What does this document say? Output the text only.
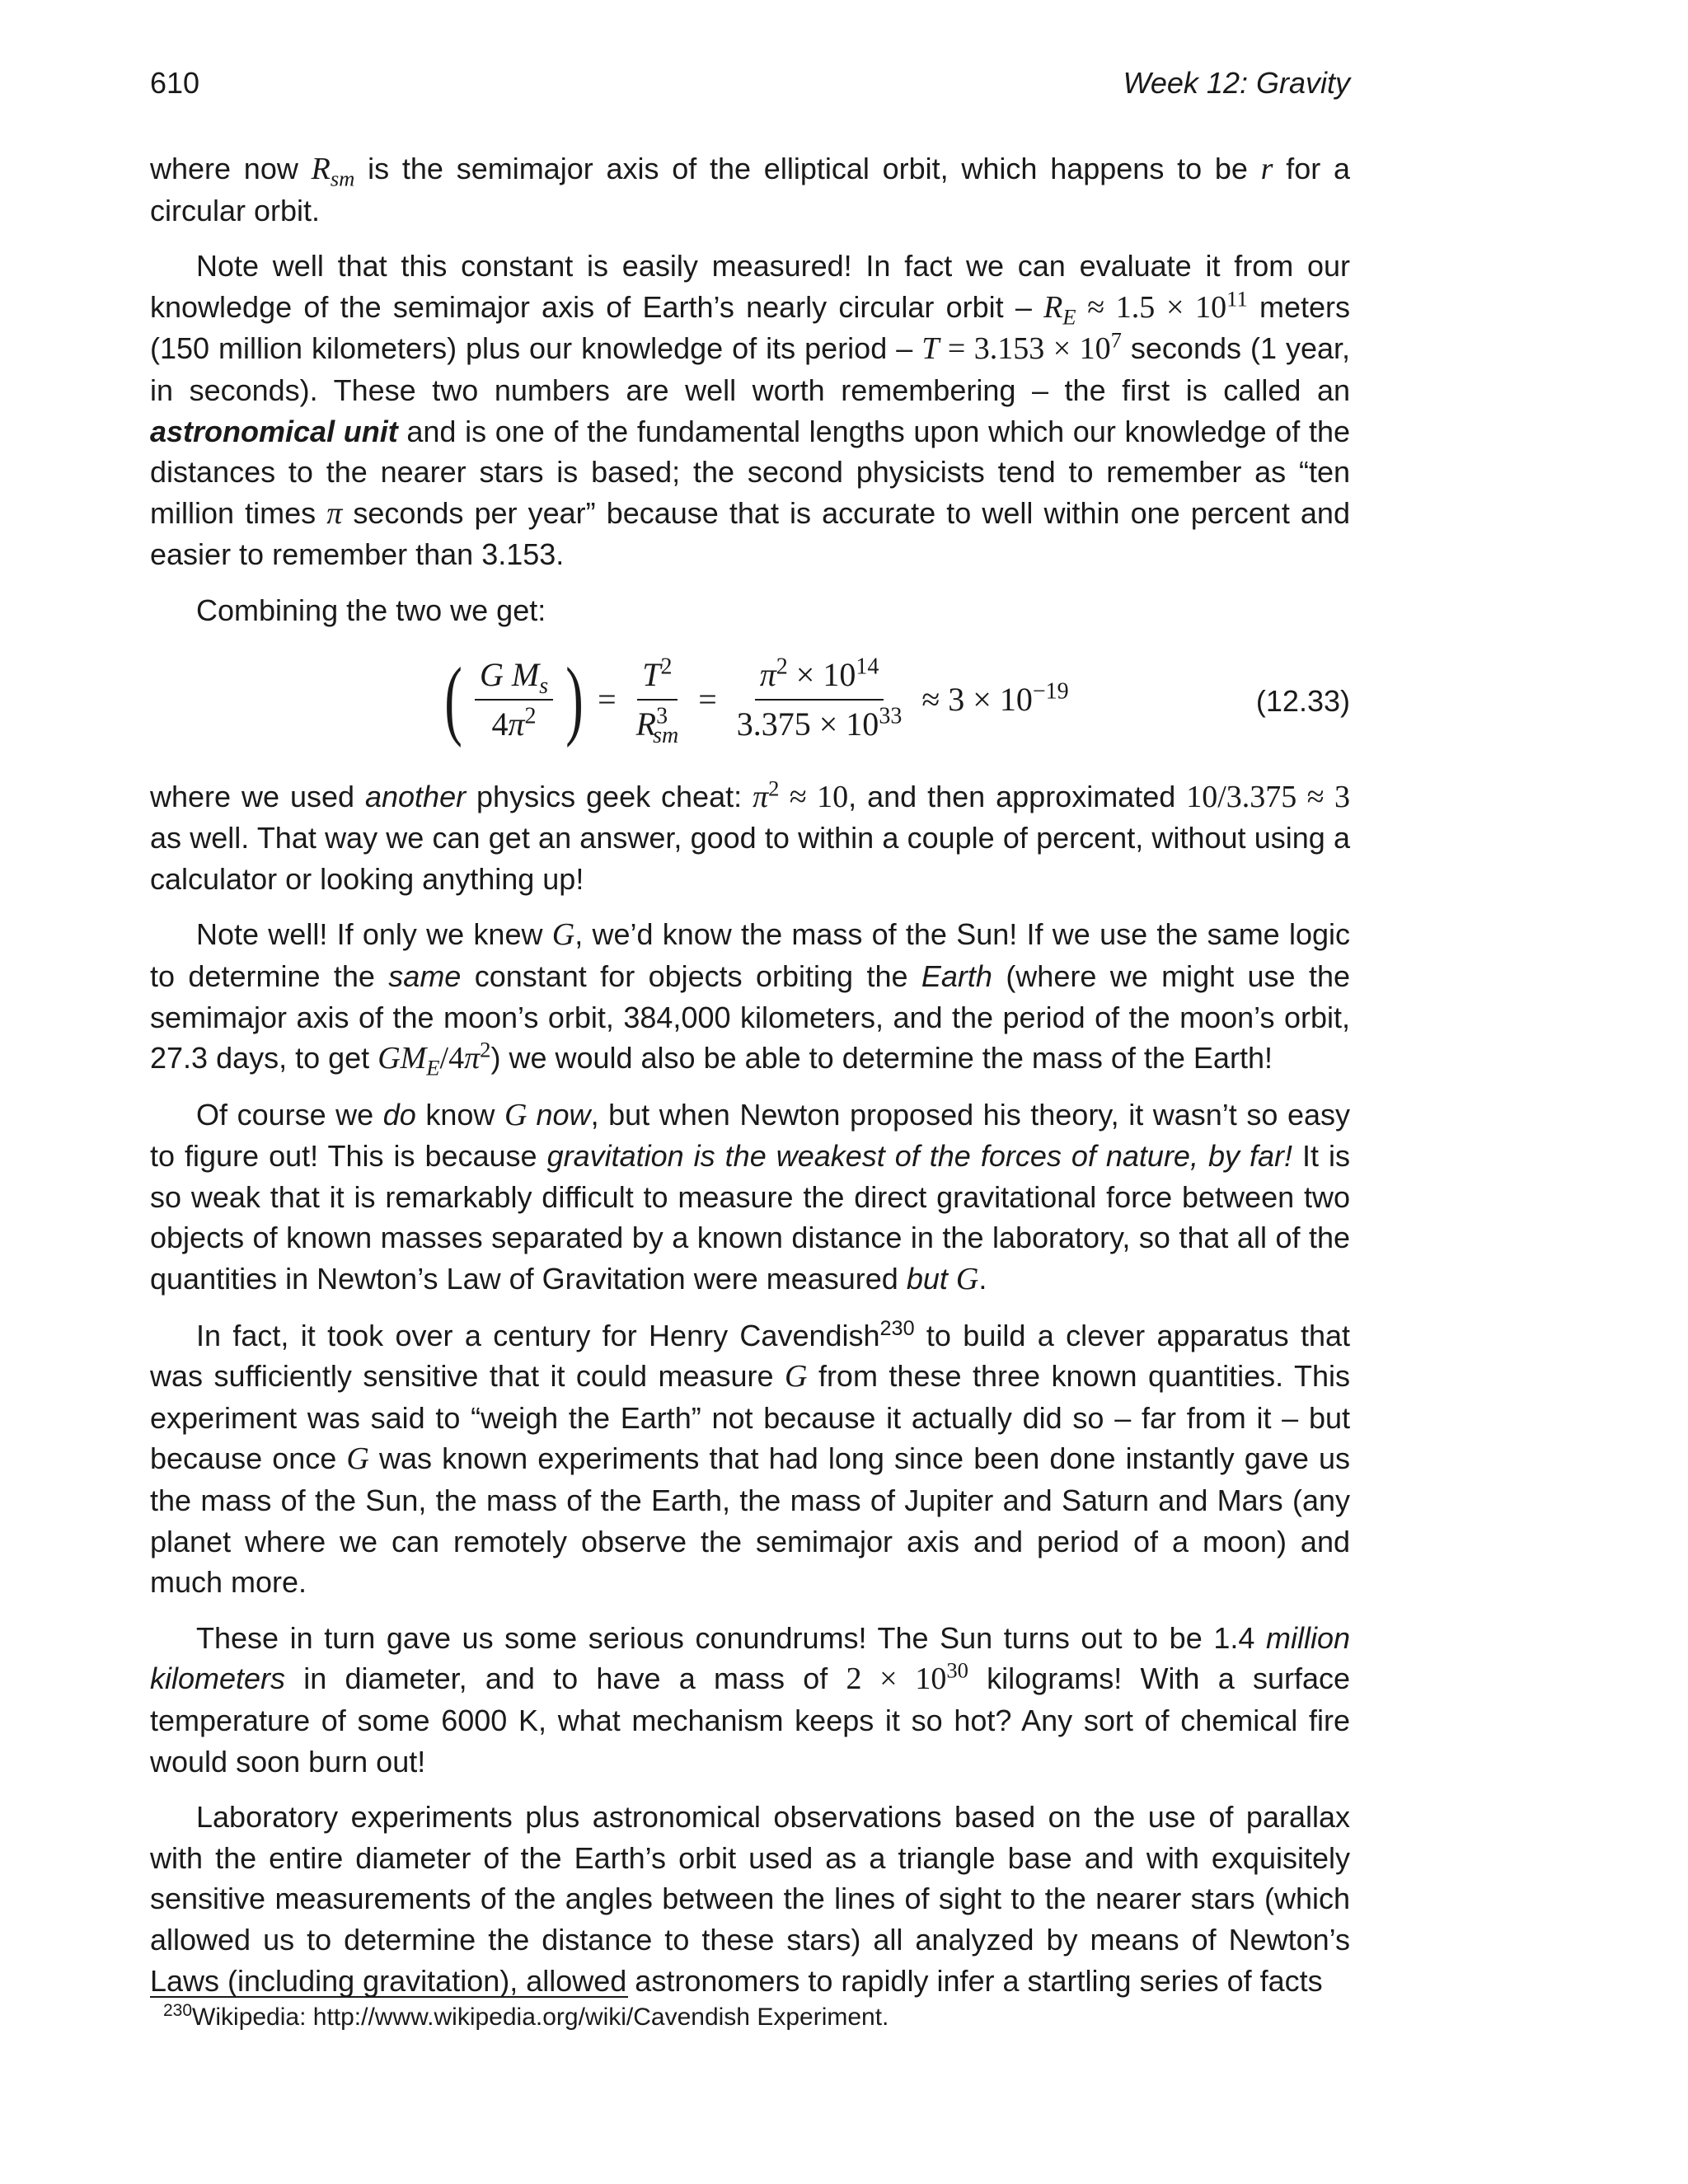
610	Week 12: Gravity

where now $R_{sm}$ is the semimajor axis of the elliptical orbit, which happens to be r for a circular orbit.

Note well that this constant is easily measured! In fact we can evaluate it from our knowledge of the semimajor axis of Earth’s nearly circular orbit – $R_E \approx 1.5 \times 10^{11}$ meters (150 million kilometers) plus our knowledge of its period – $T = 3.153 \times 10^7$ seconds (1 year, in seconds). These two numbers are well worth remembering – the first is called an astronomical unit and is one of the fundamental lengths upon which our knowledge of the distances to the nearer stars is based; the second physicists tend to remember as “ten million times π seconds per year” because that is accurate to well within one percent and easier to remember than 3.153.

Combining the two we get:

( $\frac{G M_s}{4\pi^2}$ ) = $\frac{T^2}{R^3_{sm}} = \frac{\pi^2 \times 10^{14}}{3.375 \times 10^{33}} \approx 3 \times 10^{-19}$	(12.33)

where we used another physics geek cheat: $\pi^2 \approx 10$, and then approximated 10/3.375 ≈ 3 as well. That way we can get an answer, good to within a couple of percent, without using a calculator or looking anything up!

Note well! If only we knew G, we’d know the mass of the Sun! If we use the same logic to determine the same constant for objects orbiting the Earth (where we might use the semimajor axis of the moon’s orbit, 384,000 kilometers, and the period of the moon’s orbit, 27.3 days, to get $GM_E/4\pi^2$) we would also be able to determine the mass of the Earth!

Of course we do know G now, but when Newton proposed his theory, it wasn’t so easy to figure out! This is because gravitation is the weakest of the forces of nature, by far! It is so weak that it is remarkably difficult to measure the direct gravitational force between two objects of known masses separated by a known distance in the laboratory, so that all of the quantities in Newton’s Law of Gravitation were measured but G.

In fact, it took over a century for Henry Cavendish$^{230}$ to build a clever apparatus that was sufficiently sensitive that it could measure G from these three known quantities. This experiment was said to “weigh the Earth” not because it actually did so – far from it – but because once G was known experiments that had long since been done instantly gave us the mass of the Sun, the mass of the Earth, the mass of Jupiter and Saturn and Mars (any planet where we can remotely observe the semimajor axis and period of a moon) and much more.

These in turn gave us some serious conundrums! The Sun turns out to be 1.4 million kilometers in diameter, and to have a mass of $2 \times 10^{30}$ kilograms! With a surface temperature of some 6000 K, what mechanism keeps it so hot? Any sort of chemical fire would soon burn out!

Laboratory experiments plus astronomical observations based on the use of parallax with the entire diameter of the Earth’s orbit used as a triangle base and with exquisitely sensitive measurements of the angles between the lines of sight to the nearer stars (which allowed us to determine the distance to these stars) all analyzed by means of Newton’s Laws (including gravitation), allowed astronomers to rapidly infer a startling series of facts

$^{230}$Wikipedia: http://www.wikipedia.org/wiki/Cavendish Experiment.
